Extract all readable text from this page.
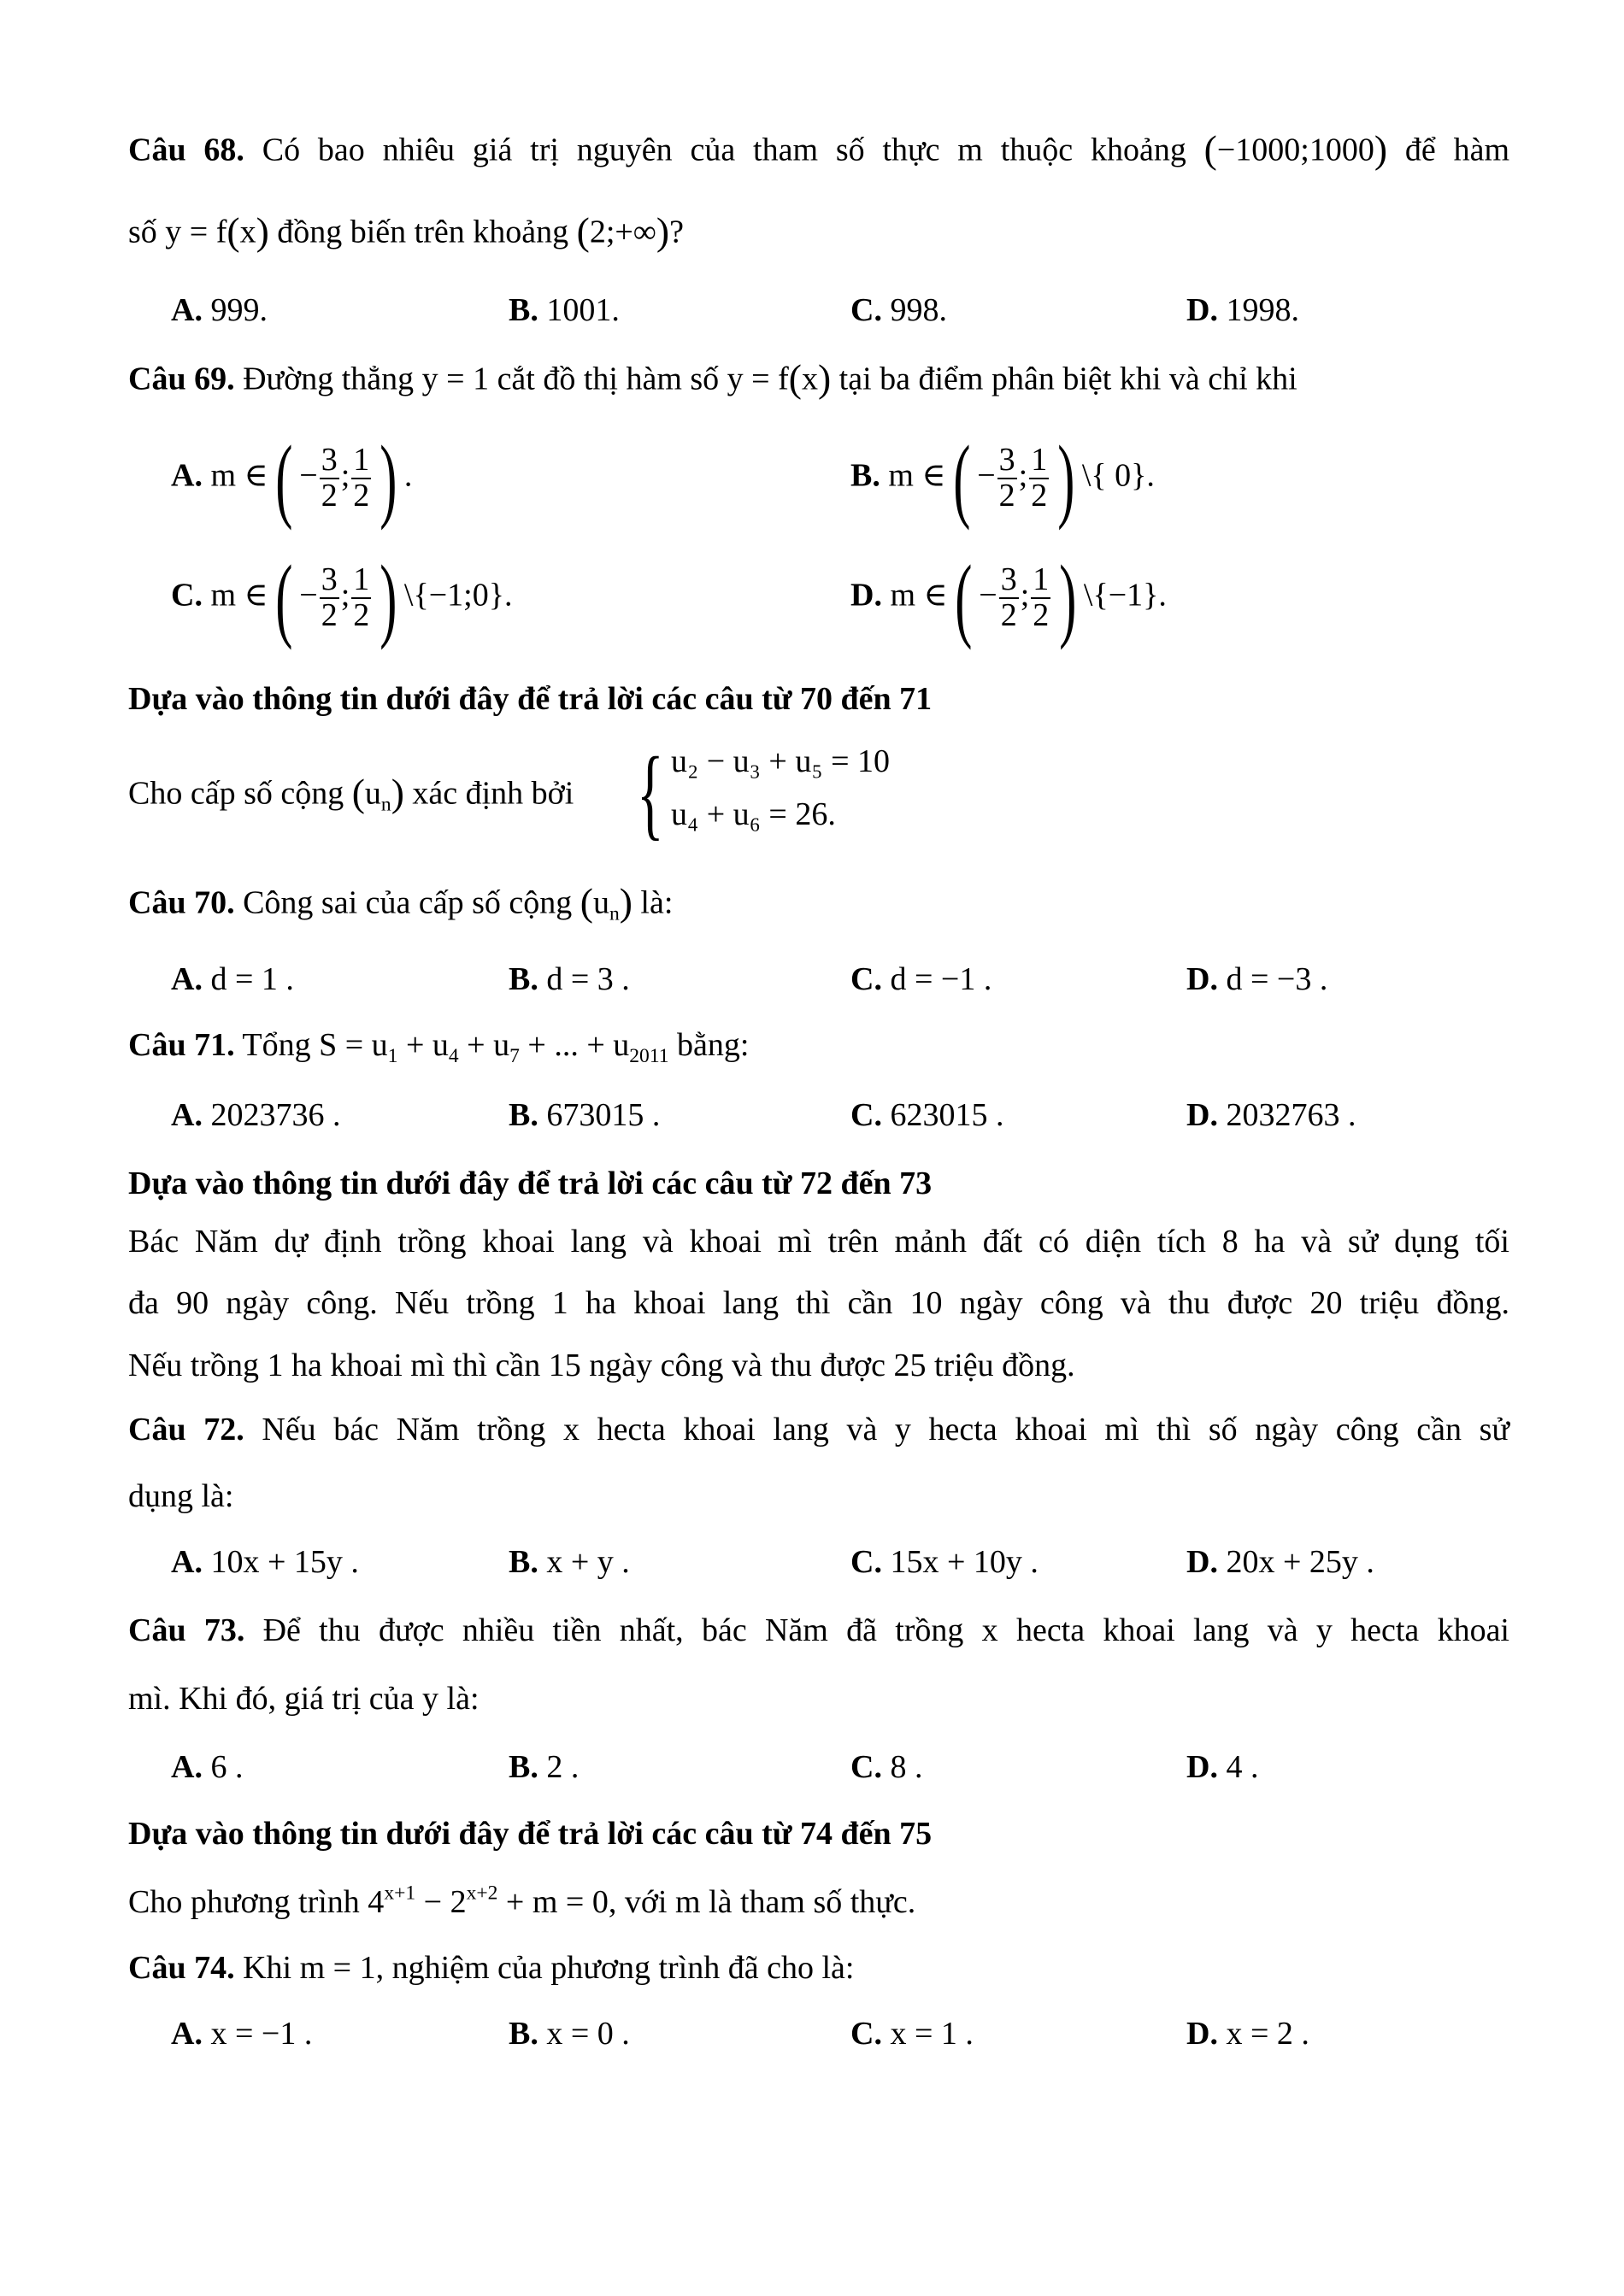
Câu 68. Có bao nhiêu giá trị nguyên của tham số thực m thuộc khoảng (−1000;1000) để hàm
số y = f(x) đồng biến trên khoảng (2;+∞)?
A. 999.	B. 1001.	C. 998.	D. 1998.
Câu 69. Đường thẳng y = 1 cắt đồ thị hàm số y = f(x) tại ba điểm phân biệt khi và chỉ khi
A. m ∈( − $\frac{3}{2}$ ; $\frac{1}{2}$ ) .	B. m ∈( − $\frac{3}{2}$ ; $\frac{1}{2}$ ) \{ 0}.
C. m ∈( − $\frac{3}{2}$ ; $\frac{1}{2}$ ) \{−1;0}.	D. m ∈( − $\frac{3}{2}$ ; $\frac{1}{2}$ ) \{−1}.
Dựa vào thông tin dưới đây để trả lời các câu từ 70 đến 71
Cho cấp số cộng $(u_n)$ xác định bởi { u₂ − u₃ + u₅ = 10
u₄ + u₆ = 26.
Câu 70. Công sai của cấp số cộng $(u_n)$ là:
A. d = 1 .	B. d = 3 .	C. d = −1 .	D. d = −3 .
Câu 71. Tổng $S = u_1 + u_4 + u_7$ + ... + $u_{2011}$ bằng:
A. 2023736 .	B. 673015 .	C. 623015 .	D. 2032763 .
Dựa vào thông tin dưới đây để trả lời các câu từ 72 đến 73
Bác Năm dự định trồng khoai lang và khoai mì trên mảnh đất có diện tích 8 ha và sử dụng tối
đa 90 ngày công. Nếu trồng 1 ha khoai lang thì cần 10 ngày công và thu được 20 triệu đồng.
Nếu trồng 1 ha khoai mì thì cần 15 ngày công và thu được 25 triệu đồng.
Câu 72. Nếu bác Năm trồng x hecta khoai lang và y hecta khoai mì thì số ngày công cần sử
dụng là:
A. 10x + 15y .	B. x + y .	C. 15x + 10y .	D. 20x + 25y .
Câu 73. Để thu được nhiều tiền nhất, bác Năm đã trồng x hecta khoai lang và y hecta khoai
mì. Khi đó, giá trị của y là:
A. 6 .	B. 2 .	C. 8 .	D. 4 .
Dựa vào thông tin dưới đây để trả lời các câu từ 74 đến 75
Cho phương trình $4^{x+1} - 2^{x+2} + m = 0$, với m là tham số thực.
Câu 74. Khi m = 1, nghiệm của phương trình đã cho là:
A. x = −1 .	B. x = 0 .	C. x = 1 .	D. x = 2 .
